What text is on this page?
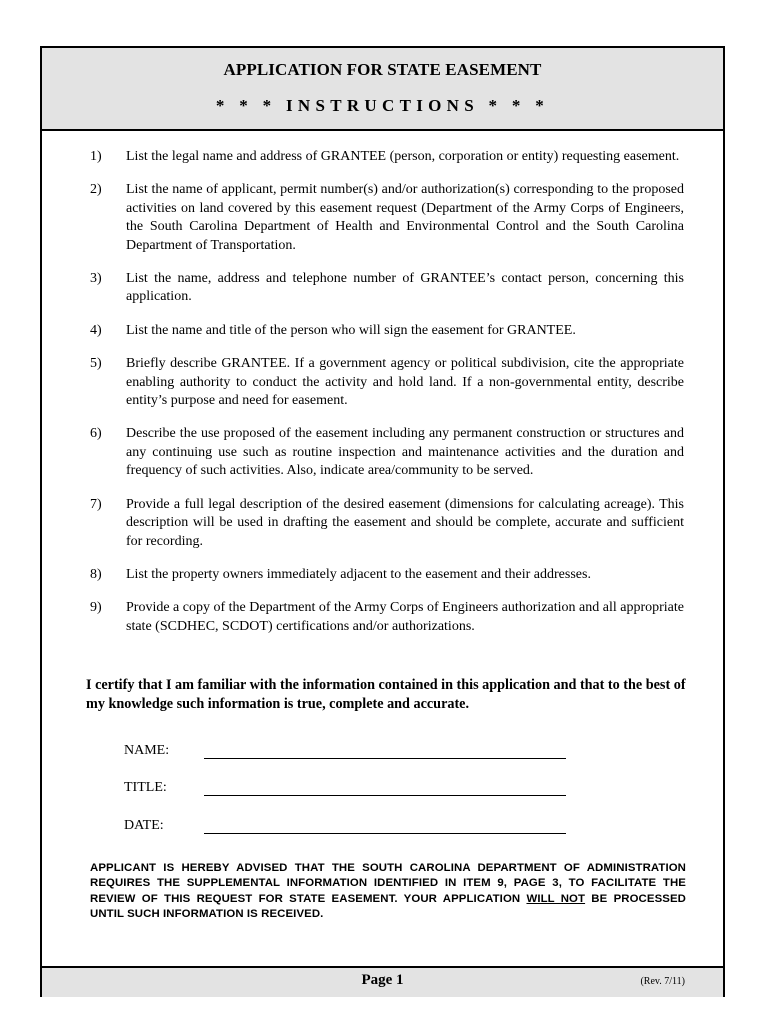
APPLICATION FOR STATE EASEMENT
* * * INSTRUCTIONS * * *
1)	List the legal name and address of GRANTEE (person, corporation or entity) requesting easement.
2)	List the name of applicant, permit number(s) and/or authorization(s) corresponding to the proposed activities on land covered by this easement request (Department of the Army Corps of Engineers, the South Carolina Department of Health and Environmental Control and the South Carolina Department of Transportation.
3)	List the name, address and telephone number of GRANTEE’s contact person, concerning this application.
4)	List the name and title of the person who will sign the easement for GRANTEE.
5)	Briefly describe GRANTEE. If a government agency or political subdivision, cite the appropriate enabling authority to conduct the activity and hold land. If a non-governmental entity, describe entity’s purpose and need for easement.
6)	Describe the use proposed of the easement including any permanent construction or structures and any continuing use such as routine inspection and maintenance activities and the duration and frequency of such activities. Also, indicate area/community to be served.
7)	Provide a full legal description of the desired easement (dimensions for calculating acreage). This description will be used in drafting the easement and should be complete, accurate and sufficient for recording.
8)	List the property owners immediately adjacent to the easement and their addresses.
9)	Provide a copy of the Department of the Army Corps of Engineers authorization and all appropriate state (SCDHEC, SCDOT) certifications and/or authorizations.
I certify that I am familiar with the information contained in this application and that to the best of my knowledge such information is true, complete and accurate.
NAME:
TITLE:
DATE:
APPLICANT IS HEREBY ADVISED THAT THE SOUTH CAROLINA DEPARTMENT OF ADMINISTRATION REQUIRES THE SUPPLEMENTAL INFORMATION IDENTIFIED IN ITEM 9, PAGE 3, TO FACILITATE THE REVIEW OF THIS REQUEST FOR STATE EASEMENT. YOUR APPLICATION WILL NOT BE PROCESSED UNTIL SUCH INFORMATION IS RECEIVED.
Page 1	(Rev. 7/11)
